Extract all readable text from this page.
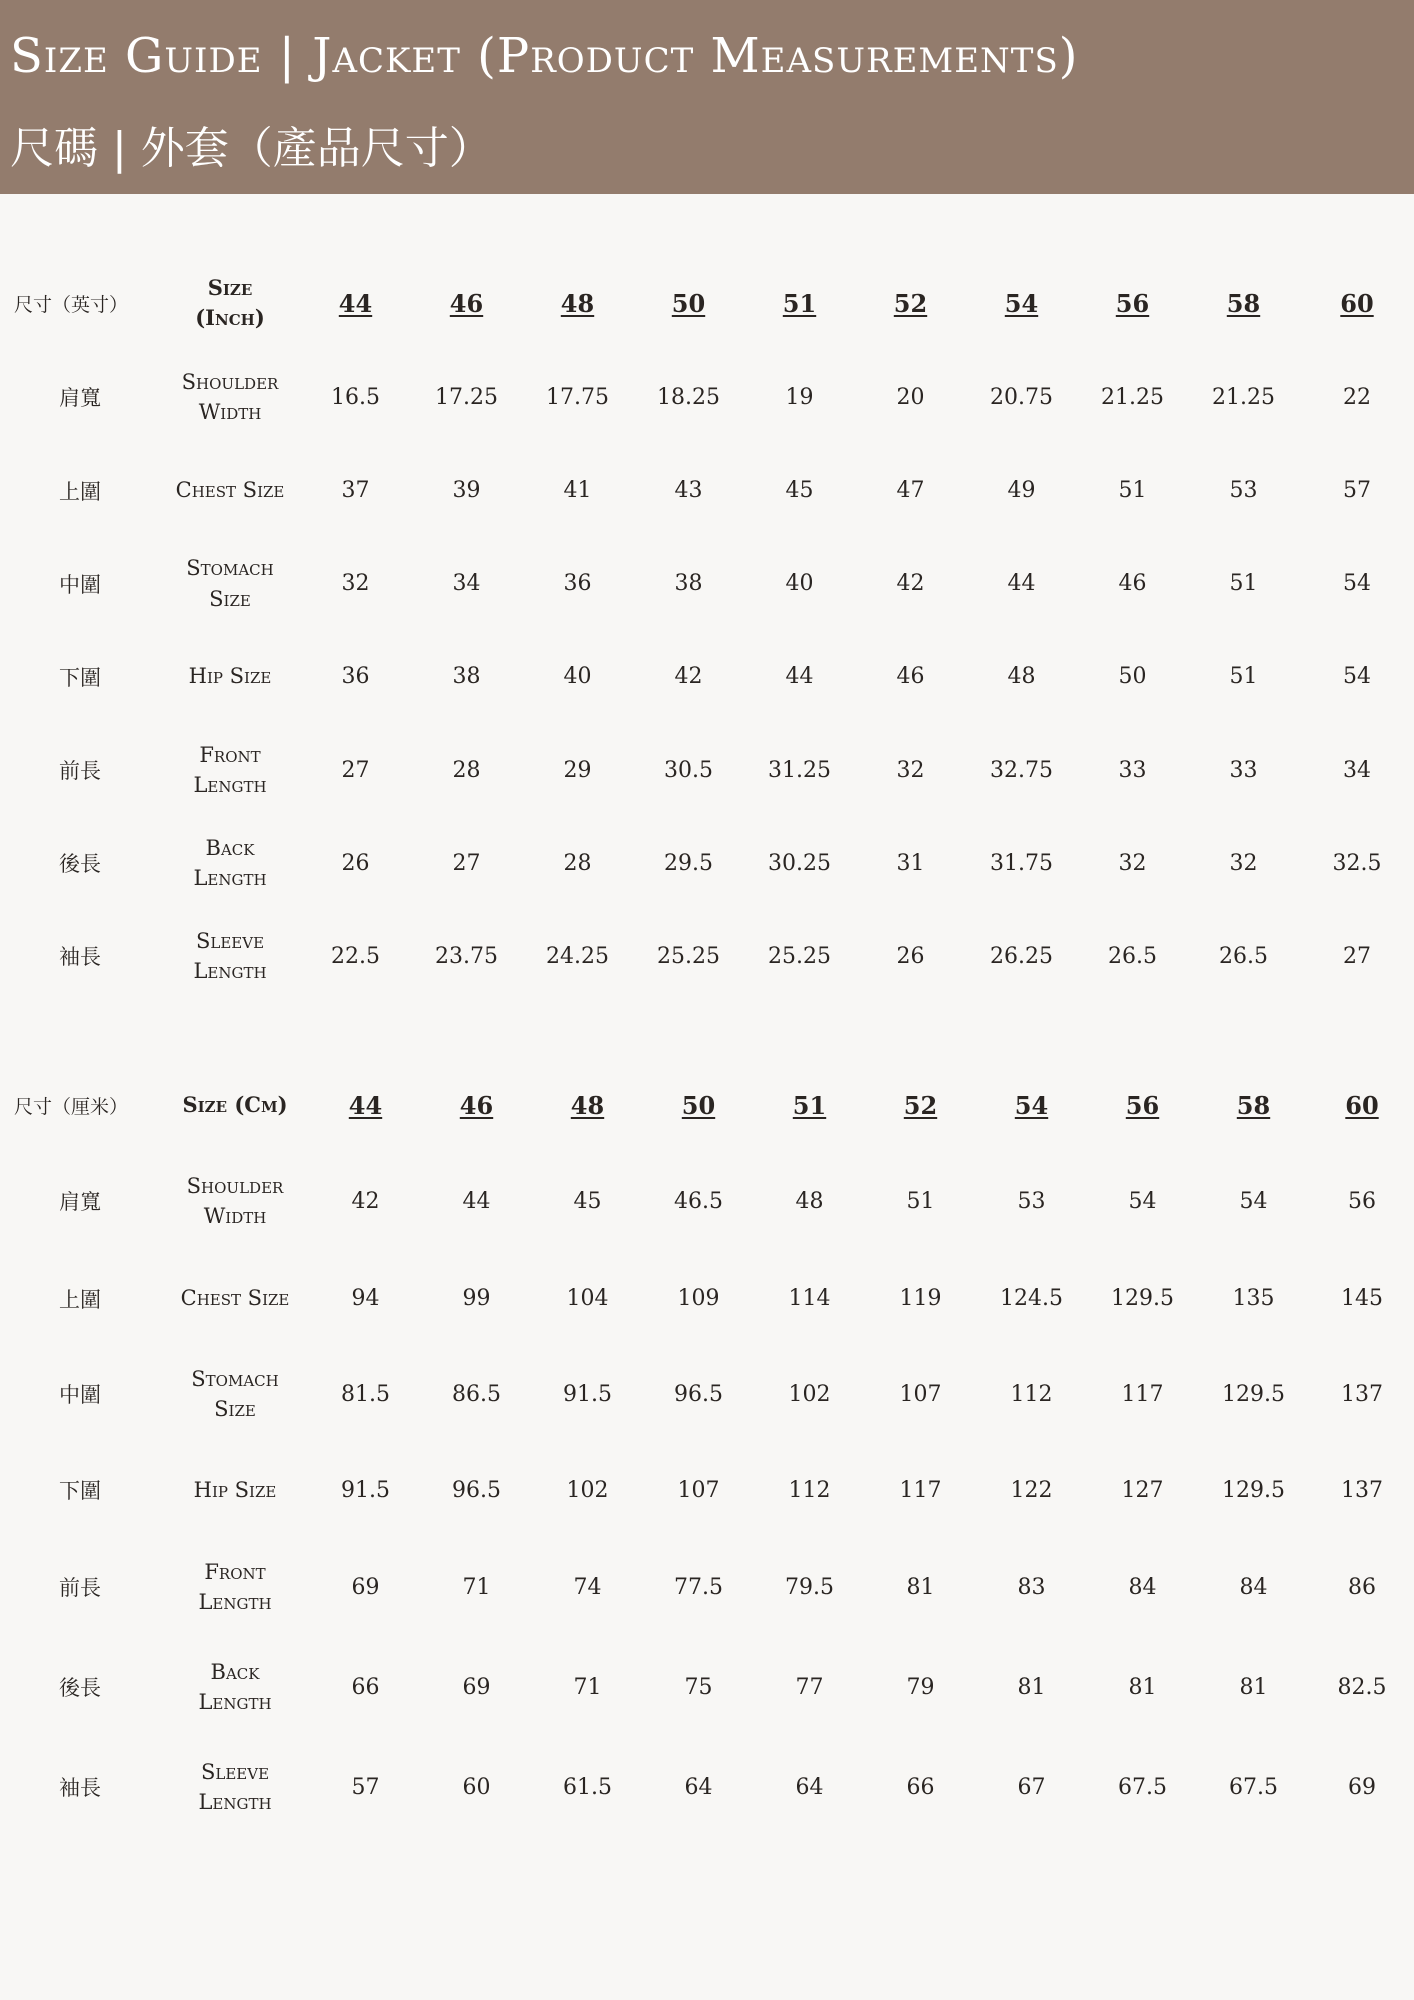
Size Guide | Jacket (Product Measurements)
尺碼 | 外套（產品尺寸）
尺寸（英寸）	Size (Inch)	44	46	48	50	51	52	54	56	58	60
肩寬	Shoulder Width	16.5	17.25	17.75	18.25	19	20	20.75	21.25	21.25	22
上圍	Chest Size	37	39	41	43	45	47	49	51	53	57
中圍	Stomach Size	32	34	36	38	40	42	44	46	51	54
下圍	Hip Size	36	38	40	42	44	46	48	50	51	54
前長	Front Length	27	28	29	30.5	31.25	32	32.75	33	33	34
後長	Back Length	26	27	28	29.5	30.25	31	31.75	32	32	32.5
袖長	Sleeve Length	22.5	23.75	24.25	25.25	25.25	26	26.25	26.5	26.5	27
尺寸（厘米）	Size (Cm)	44	46	48	50	51	52	54	56	58	60
肩寬	Shoulder Width	42	44	45	46.5	48	51	53	54	54	56
上圍	Chest Size	94	99	104	109	114	119	124.5	129.5	135	145
中圍	Stomach Size	81.5	86.5	91.5	96.5	102	107	112	117	129.5	137
下圍	Hip Size	91.5	96.5	102	107	112	117	122	127	129.5	137
前長	Front Length	69	71	74	77.5	79.5	81	83	84	84	86
後長	Back Length	66	69	71	75	77	79	81	81	81	82.5
袖長	Sleeve Length	57	60	61.5	64	64	66	67	67.5	67.5	69
